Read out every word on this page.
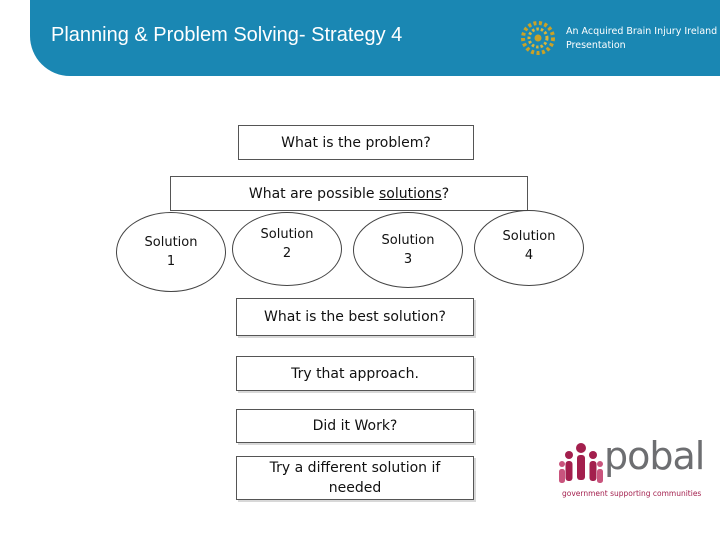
Planning & Problem Solving- Strategy 4	An Acquired Brain Injury Ireland
Presentation
What is the problem?
What are possible solutions?
Solution
1
Solution
2
Solution
3
Solution
4
What is the best solution?
Try that approach.
Did it Work?
Try a different solution if
needed
pobal
government supporting communities
